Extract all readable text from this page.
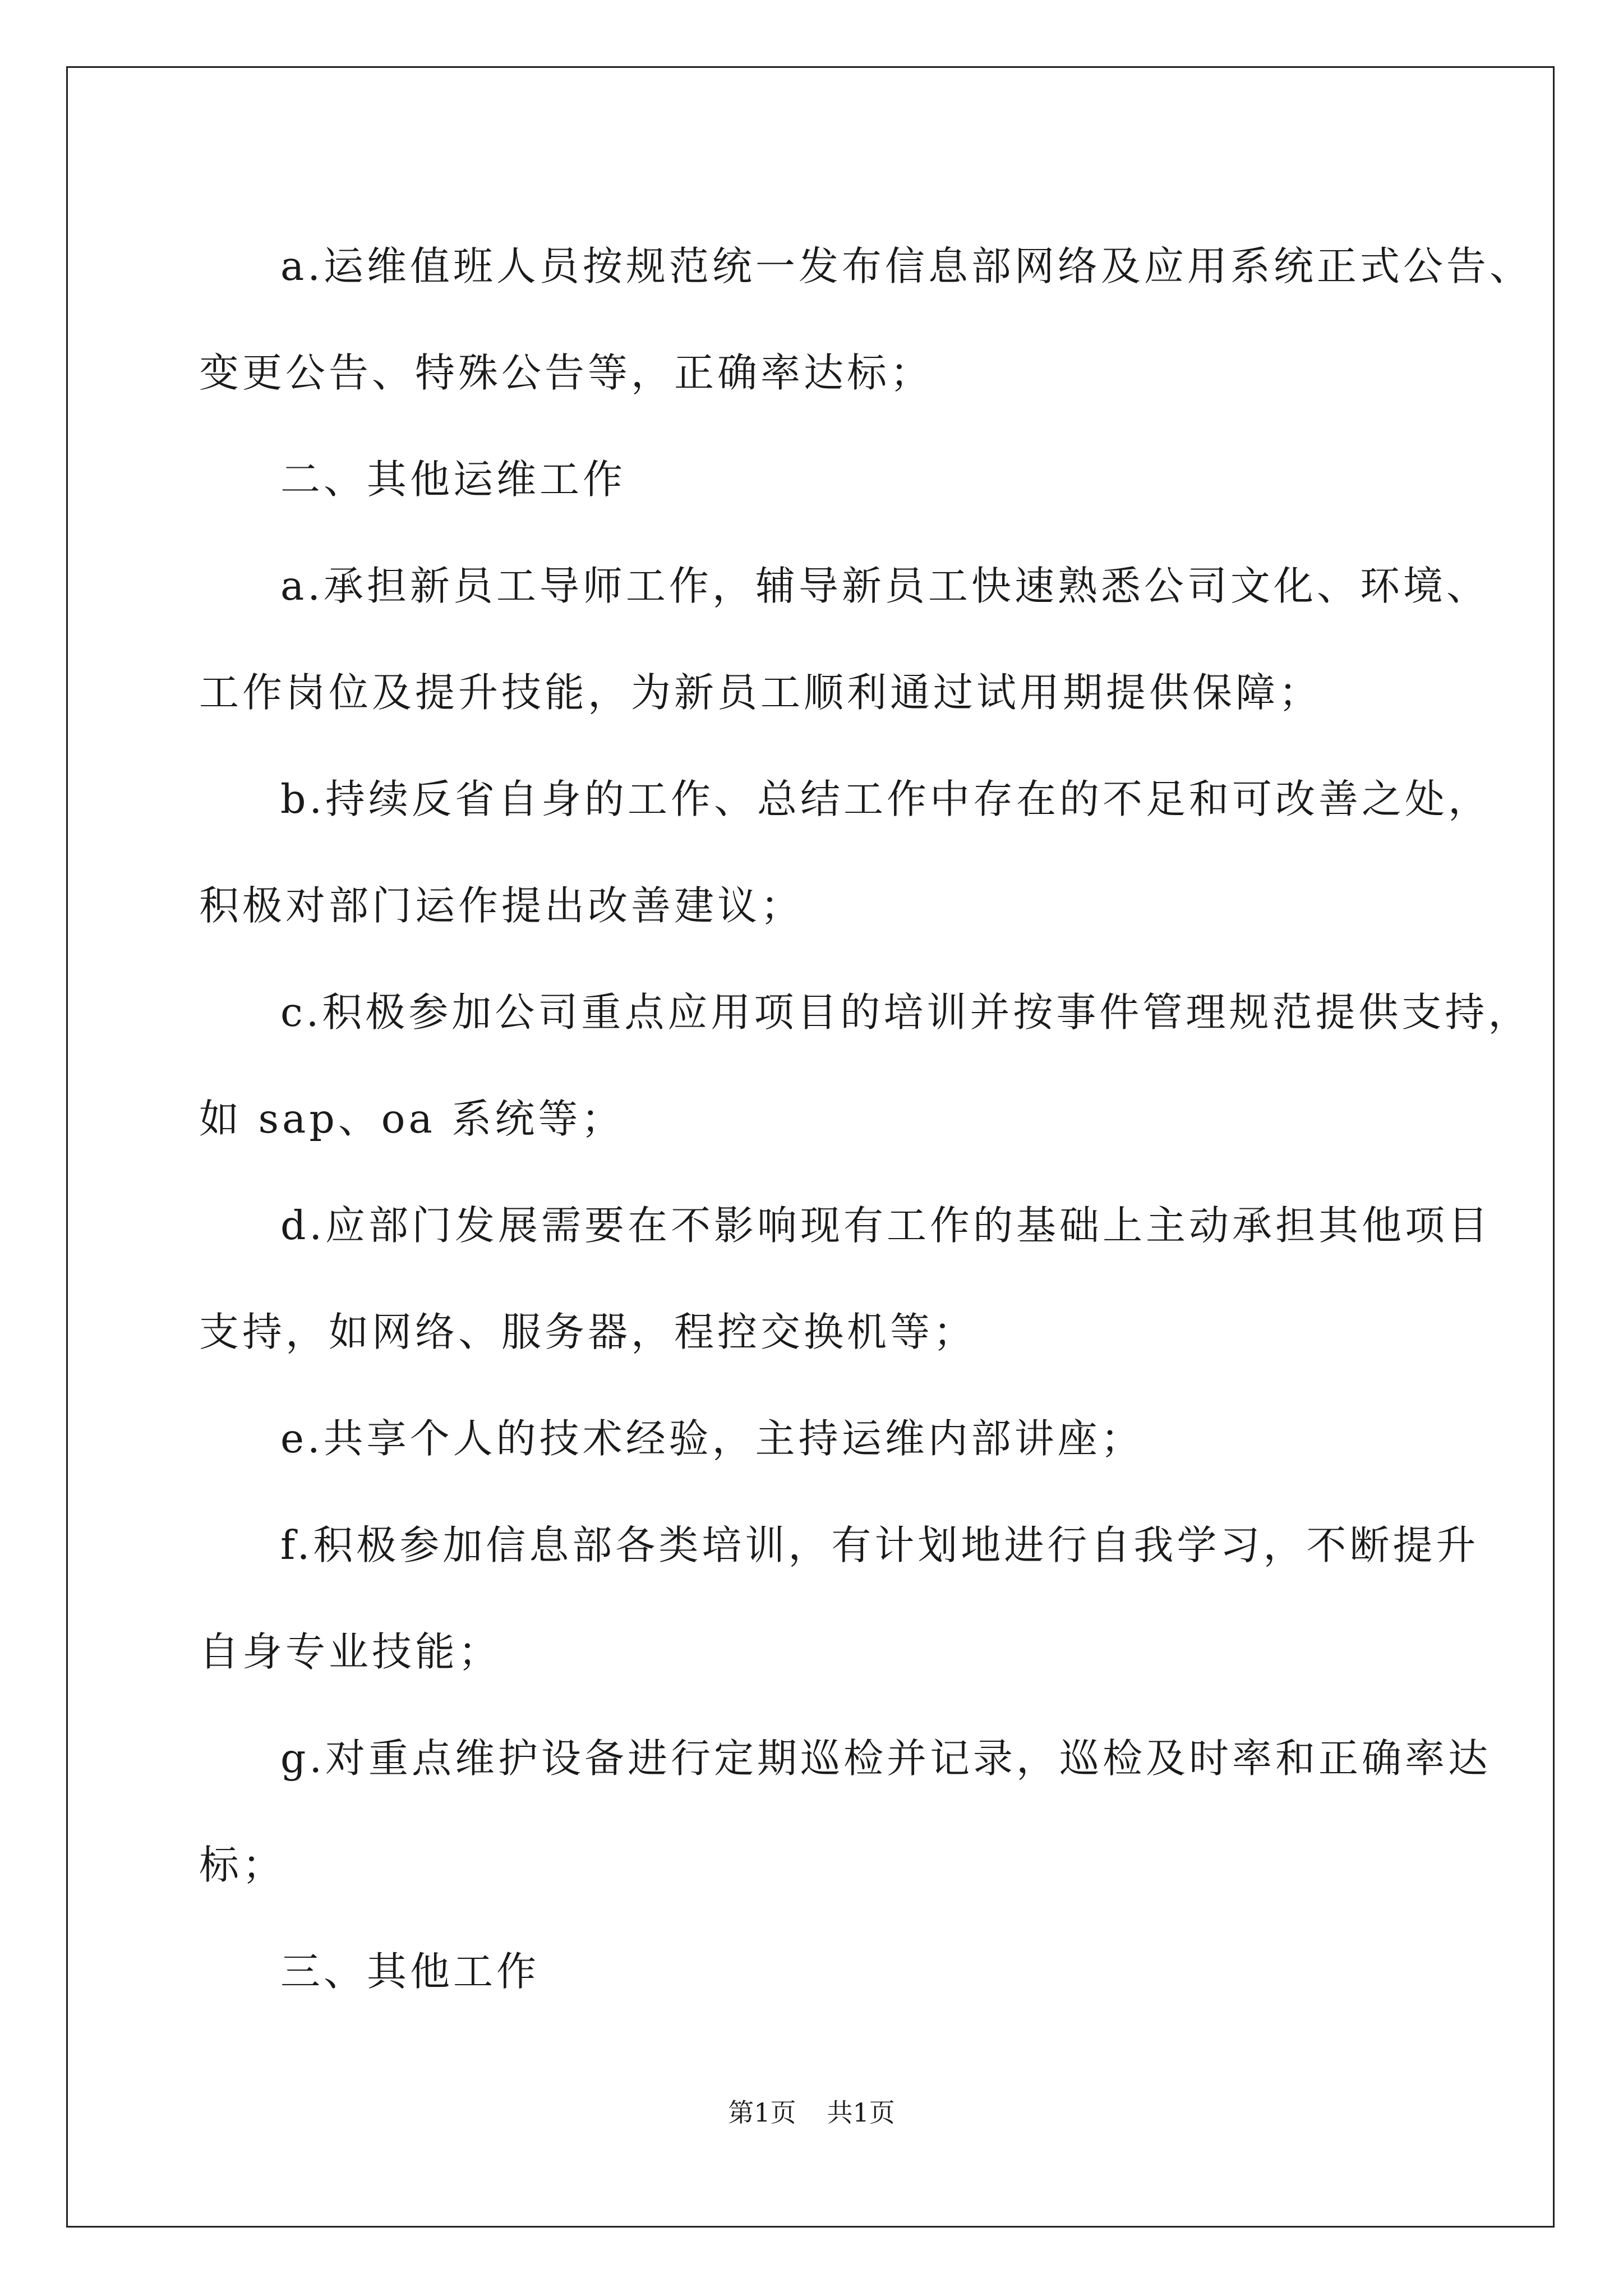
a.运维值班人员按规范统一发布信息部网络及应用系统正式公告、

变更公告、特殊公告等，正确率达标；

二、其他运维工作

a.承担新员工导师工作，辅导新员工快速熟悉公司文化、环境、

工作岗位及提升技能，为新员工顺利通过试用期提供保障；

b.持续反省自身的工作、总结工作中存在的不足和可改善之处，

积极对部门运作提出改善建议；

c.积极参加公司重点应用项目的培训并按事件管理规范提供支持，

如 sap、oa 系统等；

d.应部门发展需要在不影响现有工作的基础上主动承担其他项目

支持，如网络、服务器，程控交换机等；

e.共享个人的技术经验，主持运维内部讲座；

f.积极参加信息部各类培训，有计划地进行自我学习，不断提升

自身专业技能；

g.对重点维护设备进行定期巡检并记录，巡检及时率和正确率达

标；

三、其他工作

第1页 共1页
